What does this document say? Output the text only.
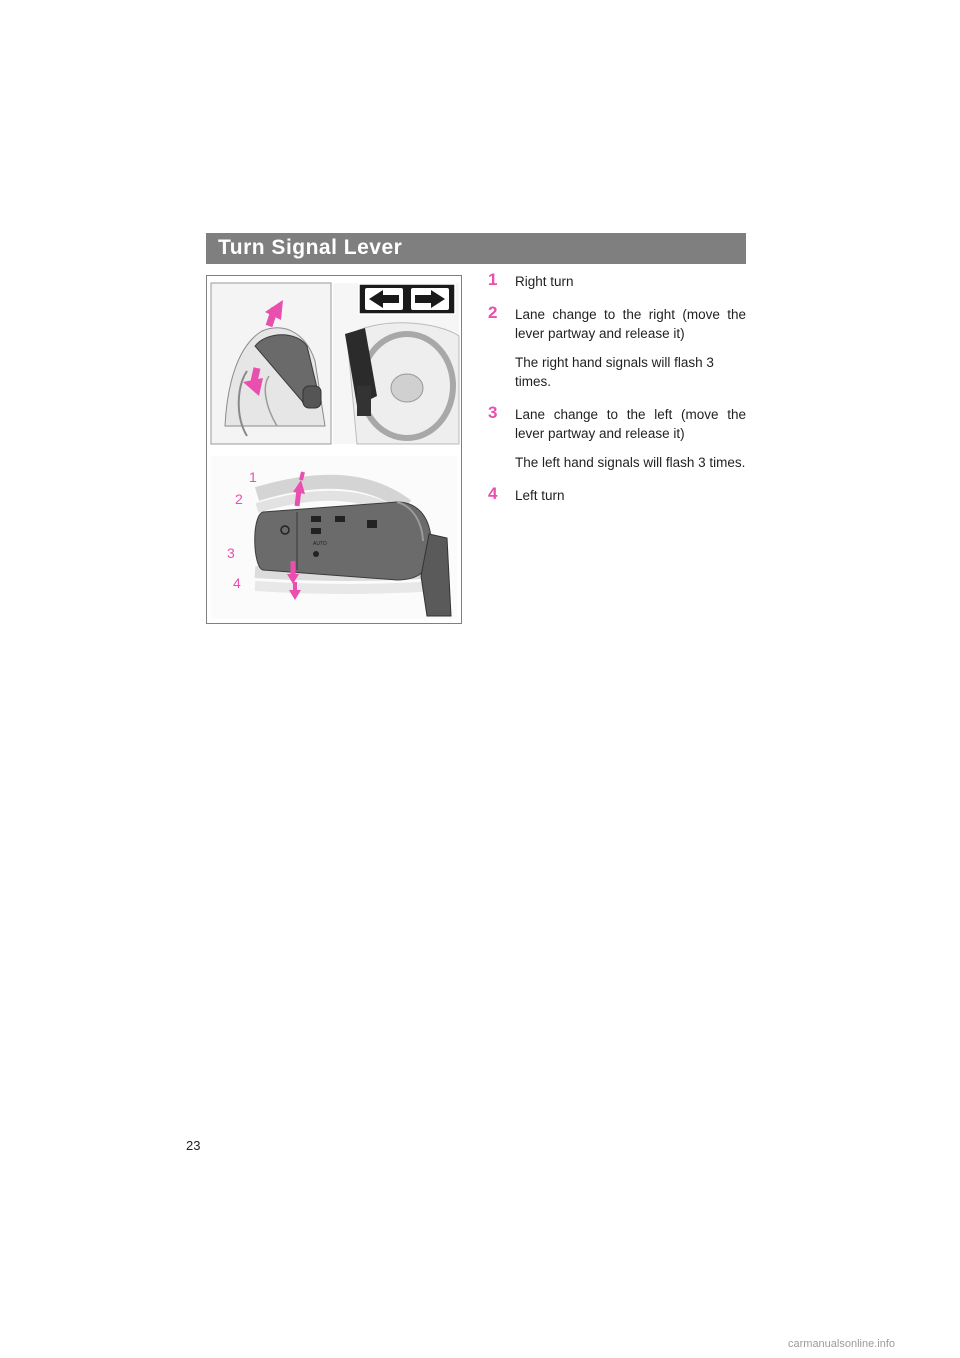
Turn Signal Lever
AUTO
1
2
3
4
1 Right turn
2 Lane change to the right (move the lever partway and release it)
The right hand signals will flash 3 times.
3 Lane change to the left (move the lever partway and release it)
The left hand signals will flash 3 times.
4 Left turn
23
carmanualsonline.info
